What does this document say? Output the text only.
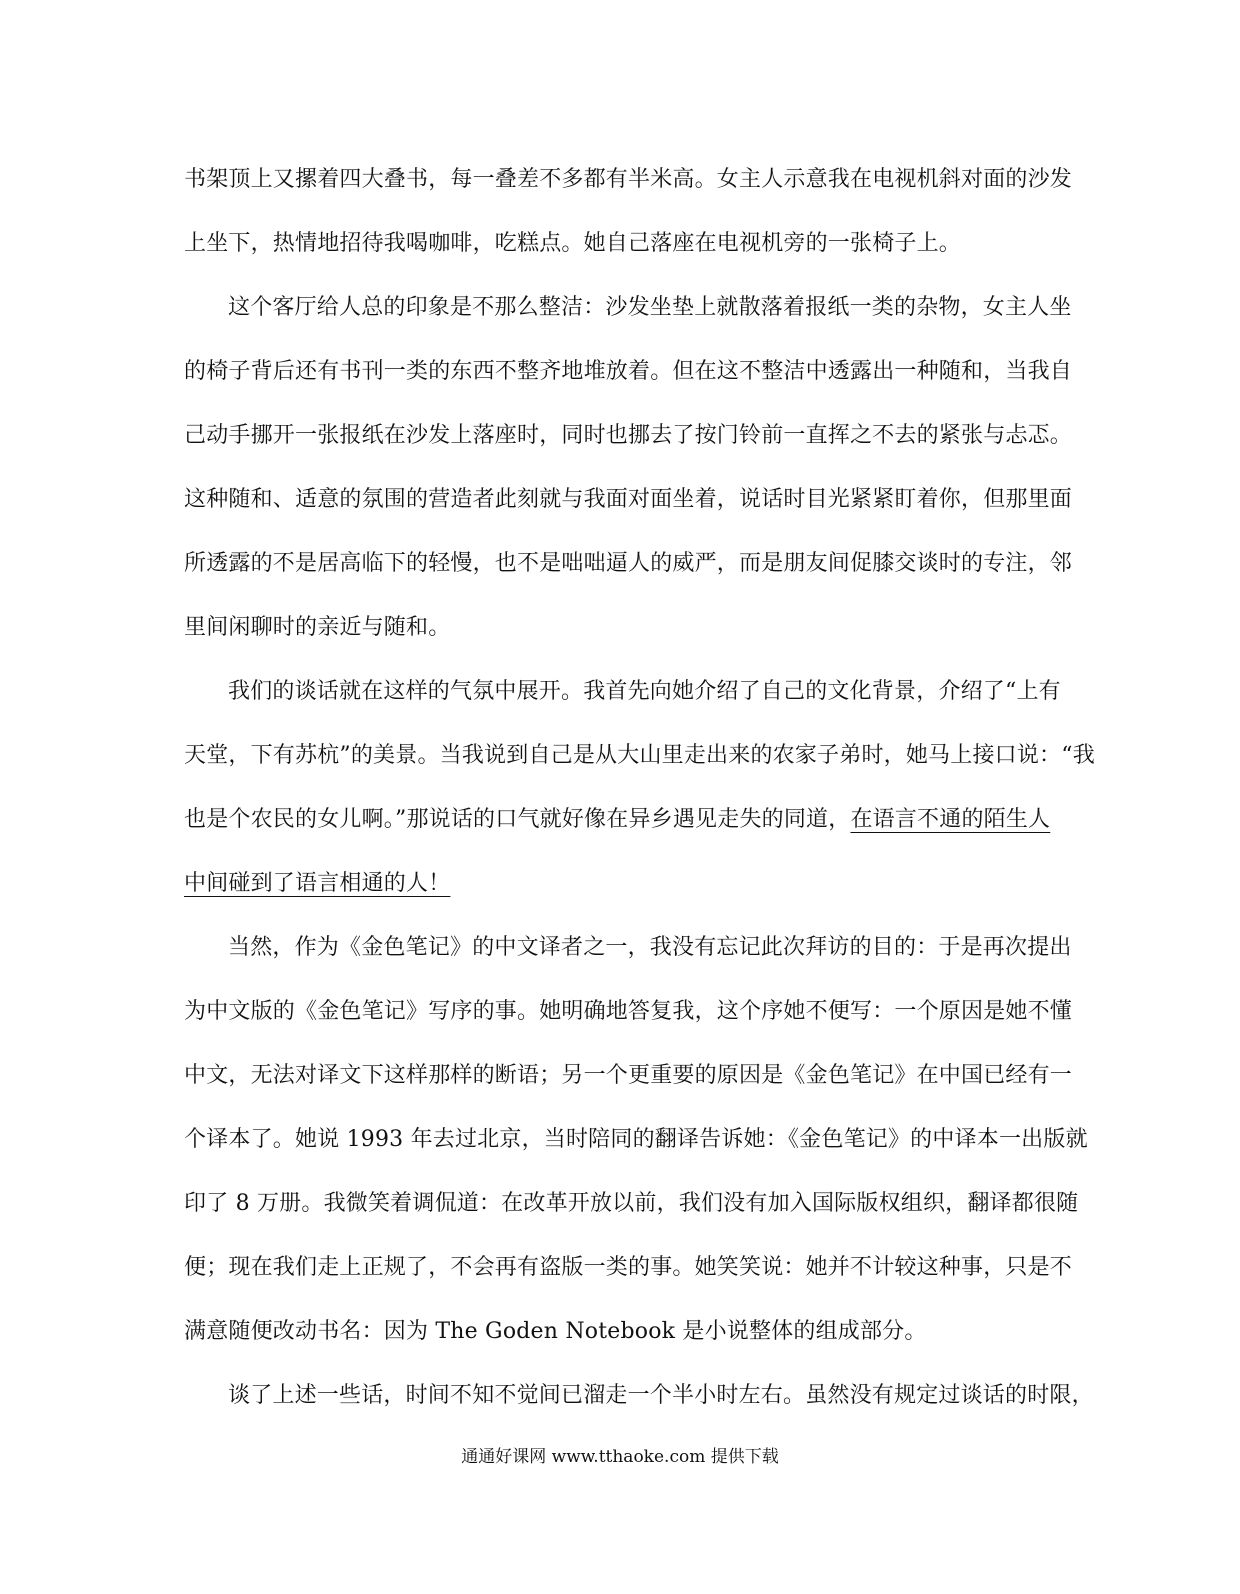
书架顶上又摞着四大叠书，每一叠差不多都有半米高。女主人示意我在电视机斜对面的沙发
上坐下，热情地招待我喝咖啡，吃糕点。她自己落座在电视机旁的一张椅子上。
这个客厅给人总的印象是不那么整洁：沙发坐垫上就散落着报纸一类的杂物，女主人坐
的椅子背后还有书刊一类的东西不整齐地堆放着。但在这不整洁中透露出一种随和，当我自
己动手挪开一张报纸在沙发上落座时，同时也挪去了按门铃前一直挥之不去的紧张与忐忑。
这种随和、适意的氛围的营造者此刻就与我面对面坐着，说话时目光紧紧盯着你，但那里面
所透露的不是居高临下的轻慢，也不是咄咄逼人的威严，而是朋友间促膝交谈时的专注，邻
里间闲聊时的亲近与随和。
我们的谈话就在这样的气氛中展开。我首先向她介绍了自己的文化背景，介绍了“上有
天堂，下有苏杭”的美景。当我说到自己是从大山里走出来的农家子弟时，她马上接口说：“我
也是个农民的女儿啊。”那说话的口气就好像在异乡遇见走失的同道，在语言不通的陌生人
中间碰到了语言相通的人！
当然，作为《金色笔记》的中文译者之一，我没有忘记此次拜访的目的：于是再次提出
为中文版的《金色笔记》写序的事。她明确地答复我，这个序她不便写：一个原因是她不懂
中文，无法对译文下这样那样的断语；另一个更重要的原因是《金色笔记》在中国已经有一
个译本了。她说 1993 年去过北京，当时陪同的翻译告诉她：《金色笔记》的中译本一出版就
印了 8 万册。我微笑着调侃道：在改革开放以前，我们没有加入国际版权组织，翻译都很随
便；现在我们走上正规了，不会再有盗版一类的事。她笑笑说：她并不计较这种事，只是不
满意随便改动书名：因为 The Goden Notebook 是小说整体的组成部分。
谈了上述一些话，时间不知不觉间已溜走一个半小时左右。虽然没有规定过谈话的时限，
通通好课网 www.tthaoke.com 提供下载
